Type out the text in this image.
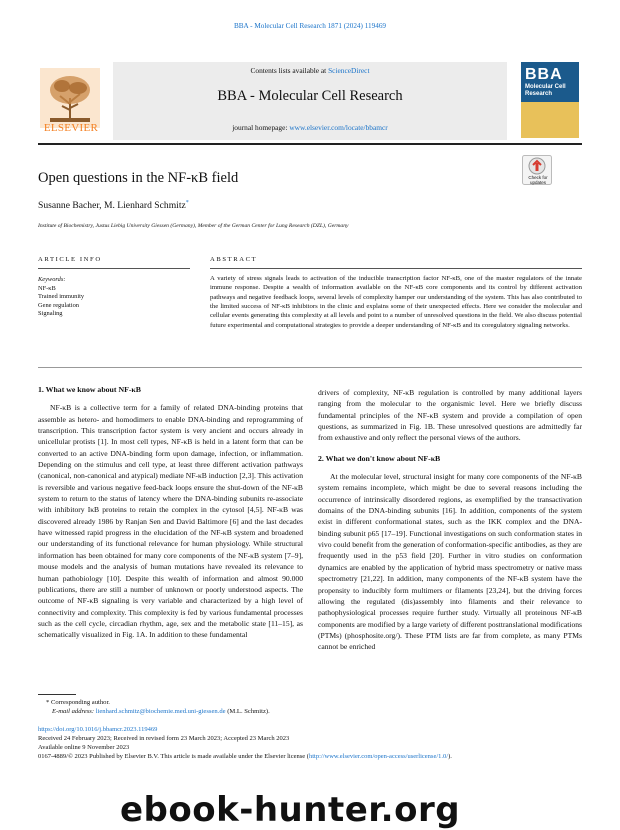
BBA - Molecular Cell Research 1871 (2024) 119469
Contents lists available at ScienceDirect
BBA - Molecular Cell Research
journal homepage: www.elsevier.com/locate/bbamcr
ELSEVIER
BBA
Molecular Cell Research
Open questions in the NF-κB field
Susanne Bacher, M. Lienhard Schmitz*
Institute of Biochemistry, Justus Liebig University Giessen (Germany), Member of the German Center for Lung Research (DZL), Germany
Check for
updates
ARTICLE INFO	ABSTRACT
Keywords:
NF-κB
Trained immunity
Gene regulation
Signaling
A variety of stress signals leads to activation of the inducible transcription factor NF-κB, one of the master regulators of the innate immune response. Despite a wealth of information available on the NF-κB core components and its control by different activation pathways and negative feedback loops, several levels of complexity hamper our understanding of the system. This has also contributed to the limited success of NF-κB inhibitors in the clinic and explains some of their unexpected effects. Here we consider the molecular and cellular events generating this complexity at all levels and point to a number of unresolved questions in the field. We also discuss potential future experimental and computational strategies to provide a deeper understanding of NF-κB and its coregulatory signaling networks.
1. What we know about NF-κB

NF-κB is a collective term for a family of related DNA-binding proteins that assemble as hetero- and homodimers to enable DNA-binding and reprogramming of transcription. This transcription factor system is very ancient and occurs already in unicellular protists [1]. In most cell types, NF-κB is held in a latent form that can be converted to an active DNA-binding form upon damage, infection, or inflammation. Depending on the stimulus and cell type, at least three different activation pathways (canonical, non-canonical and atypical) mediate NF-κB induction [2,3]. This activation is reversible and various negative feed-back loops ensure the shut-down of the NF-κB system to return to the status of latency where the DNA-binding subunits re-associate with inhibitory IκB proteins to retain the complex in the cytosol [4,5]. NF-κB was discovered already 1986 by Ranjan Sen and David Baltimore [6] and the last decades have witnessed rapid progress in the elucidation of the NF-κB system and broadened our understanding of its functional relevance for human physiology. While structural information has been obtained for many core components of the NF-κB system [7–9], mouse models and the analysis of human mutations have revealed its relevance to human pathobiology [10]. Despite this wealth of information and almost 90.000 publications, there are still a number of unknown or poorly understood aspects. The outcome of NF-κB signaling is very variable and characterized by a high level of connectivity and complexity. This complexity is fed by various fundamental processes such as the cell cycle, circadian rhythm, age, sex and the metabolic state [11–15], as schematically visualized in Fig. 1A. In addition to these fundamental

drivers of complexity, NF-κB regulation is controlled by many additional layers ranging from the molecular to the organismic level. Here we briefly discuss fundamental principles of the NF-κB system and provide a compilation of open questions, as summarized in Fig. 1B. These unresolved questions are admittedly far from exhaustive and only reflect the personal views of the authors.

2. What we don't know about NF-κB

At the molecular level, structural insight for many core components of the NF-κB system remains incomplete, which might be due to several reasons including the occurrence of intrinsically disordered regions, as exemplified by the transactivation domains of the DNA-binding subunits [16]. In addition, components of the system exist in different conformational states, such as the IKK complex and the DNA-binding subunit p65 [17–19]. Functional investigations on such conformation states in vivo could benefit from the generation of conformation-specific antibodies, as they are frequently used in the p53 field [20]. Further in vitro studies on conformation dynamics are enabled by the application of hybrid mass spectrometry or native mass spectrometry [21,22]. In addition, many components of the NF-κB system have the propensity to inducibly form multimers or filaments [23,24], but the driving forces allowing the regulated (dis)assembly into filaments and their relevance to pathophysiological processes require further study. Virtually all proteinous NF-κB components are modified by a large variety of different posttranslational modifications (PTMs) (phosphosite.org/). These PTM lists are far from complete, as many PTMs cannot be enriched

* Corresponding author.
E-mail address: lienhard.schmitz@biochemie.med.uni-giessen.de (M.L. Schmitz).
https://doi.org/10.1016/j.bbamcr.2023.119469
Received 24 February 2023; Received in revised form 23 March 2023; Accepted 23 March 2023
Available online 9 November 2023
0167-4889/© 2023 Published by Elsevier B.V. This article is made available under the Elsevier license (http://www.elsevier.com/open-access/userlicense/1.0/).
ebook-hunter.org
